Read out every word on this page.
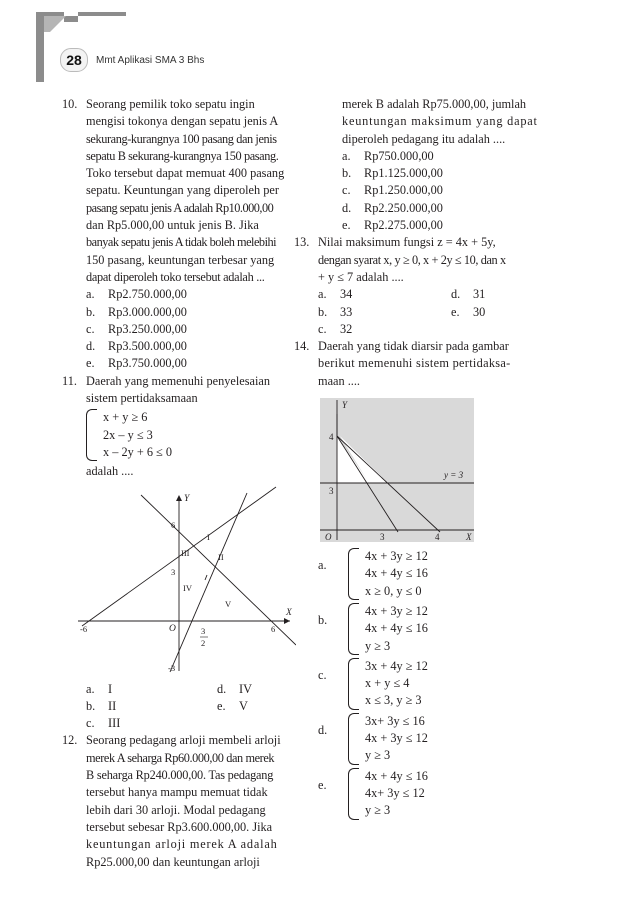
28	Mmt Aplikasi SMA 3 Bhs
10. Seorang pemilik toko sepatu ingin
mengisi tokonya dengan sepatu jenis A
sekurang-kurangnya 100 pasang dan jenis
sepatu B sekurang-kurangnya 150 pasang.
Toko tersebut dapat memuat 400 pasang
sepatu. Keuntungan yang diperoleh per
pasang sepatu jenis A adalah Rp10.000,00
dan Rp5.000,00 untuk jenis B. Jika
banyak sepatu jenis A tidak boleh melebihi
150 pasang, keuntungan terbesar yang
dapat diperoleh toko tersebut adalah ...
a.	Rp2.750.000,00
b.	Rp3.000.000,00
c.	Rp3.250.000,00
d.	Rp3.500.000,00
e.	Rp3.750.000,00
11. Daerah yang memenuhi penyelesaian
sistem pertidaksamaan
x + y ≥ 6
2x – y ≤ 3
x – 2y + 6 ≤ 0
adalah ....
Y
X
O
-6	6
6
3
-3
3
2
I
II
III
IV
V
a.	I
b.	II
c.	III
d.	IV
e.	V
12. Seorang pedagang arloji membeli arloji
merek A seharga Rp60.000,00 dan merek
B seharga Rp240.000,00. Tas pedagang
tersebut hanya mampu memuat tidak
lebih dari 30 arloji. Modal pedagang
tersebut sebesar Rp3.600.000,00. Jika
keuntungan arloji merek A adalah
Rp25.000,00 dan keuntungan arloji
merek B adalah Rp75.000,00, jumlah
keuntungan maksimum yang dapat
diperoleh pedagang itu adalah ....
a.	Rp750.000,00
b.	Rp1.125.000,00
c.	Rp1.250.000,00
d.	Rp2.250.000,00
e.	Rp2.275.000,00
13. Nilai maksimum fungsi z = 4x + 5y,
dengan syarat x, y ≥ 0, x + 2y ≤ 10, dan x
+ y ≤ 7 adalah ....
a.	34
b.	33
c.	32
d.	31
e.	30
14. Daerah yang tidak diarsir pada gambar
berikut memenuhi sistem pertidaksa-
maan ....
Y
X
O
4
3
3	4
y = 3
a.
4x + 3y ≥ 12
4x + 4y ≤ 16
x ≥ 0, y ≤ 0
b.
4x + 3y ≥ 12
4x + 4y ≤ 16
y ≥ 3
c.
3x + 4y ≥ 12
x + y ≤ 4
x ≤ 3, y ≥ 3
d.
3x+ 3y ≤ 16
4x + 3y ≤ 12
y ≥ 3
e.
4x + 4y ≤ 16
4x+ 3y ≤ 12
y ≥ 3
